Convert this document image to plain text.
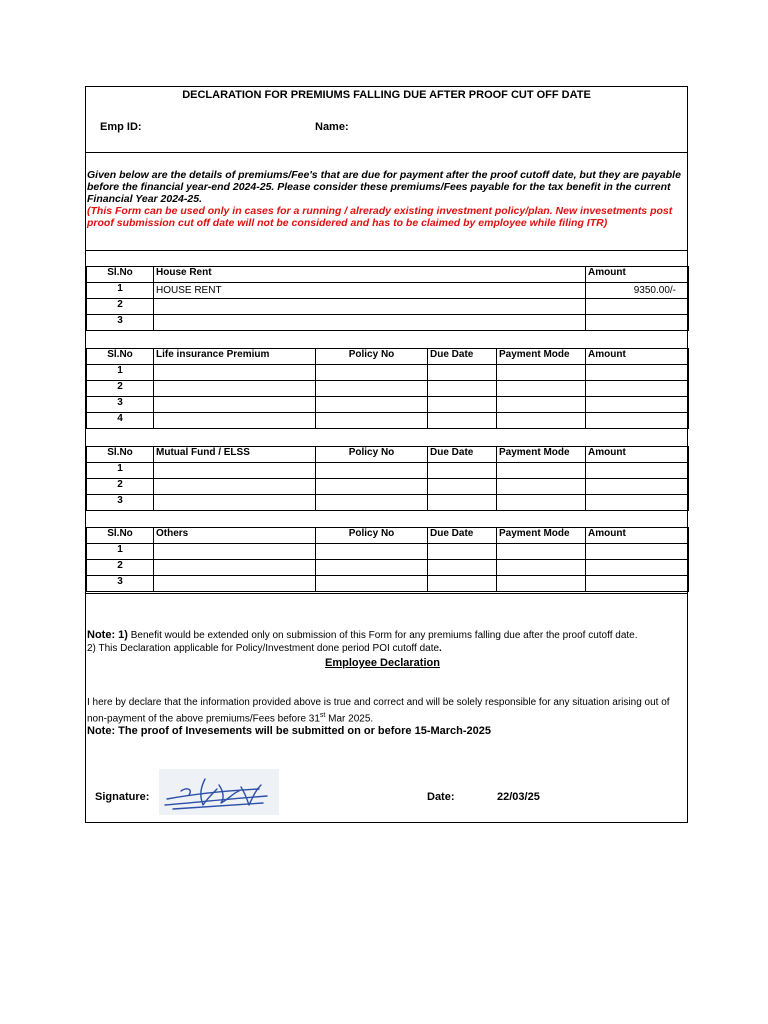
DECLARATION FOR PREMIUMS FALLING DUE AFTER PROOF CUT OFF DATE
Emp ID:	Name:
Given below are the details of premiums/Fee's that are due for payment after the proof cutoff date, but they are payable before the financial year-end 2024-25. Please consider these premiums/Fees payable for the tax benefit in the current Financial Year 2024-25.
(This Form can be used only in cases for a running / alrerady existing investment policy/plan. New invesetments post proof submission cut off date will not be considered and has to be claimed by employee while filing ITR)
Sl.No	House Rent	Amount
1	HOUSE RENT	9350.00/-
2		
3		
Sl.No	Life insurance Premium	Policy No	Due Date	Payment Mode	Amount
1					
2					
3					
4					
Sl.No	Mutual Fund / ELSS	Policy No	Due Date	Payment Mode	Amount
1					
2					
3					
Sl.No	Others	Policy No	Due Date	Payment Mode	Amount
1					
2					
3					
Note: 1) Benefit would be extended only on submission of this Form for any premiums falling due after the proof cutoff date.
2) This Declaration applicable for Policy/Investment done period POI cutoff date.
Employee Declaration
I here by declare that the information provided above is true and correct and will be solely responsible for any situation arising out of non-payment of the above premiums/Fees before 31st Mar 2025.
Note: The proof of Invesements will be submitted on or before 15-March-2025
Signature:	Date:	22/03/25
